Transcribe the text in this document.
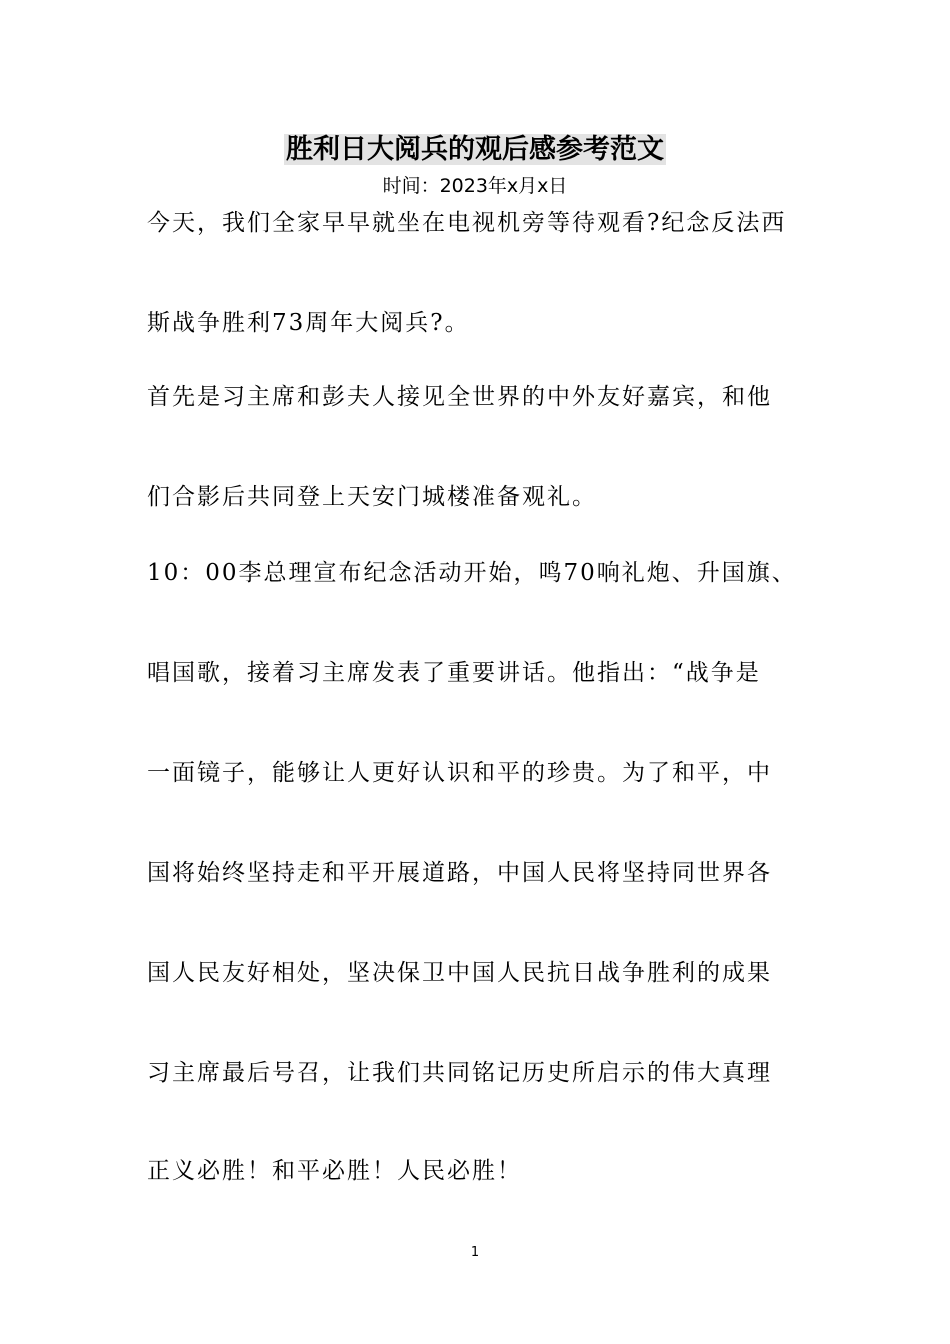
胜利日大阅兵的观后感参考范文
时间：2023年x月x日
今天，我们全家早早就坐在电视机旁等待观看?纪念反法西
斯战争胜利73周年大阅兵?。
首先是习主席和彭夫人接见全世界的中外友好嘉宾，和他
们合影后共同登上天安门城楼准备观礼。
10：00李总理宣布纪念活动开始，鸣70响礼炮、升国旗、
唱国歌，接着习主席发表了重要讲话。他指出：“战争是
一面镜子，能够让人更好认识和平的珍贵。为了和平，中
国将始终坚持走和平开展道路，中国人民将坚持同世界各
国人民友好相处，坚决保卫中国人民抗日战争胜利的成果
习主席最后号召，让我们共同铭记历史所启示的伟大真理
正义必胜！和平必胜！人民必胜！
1
